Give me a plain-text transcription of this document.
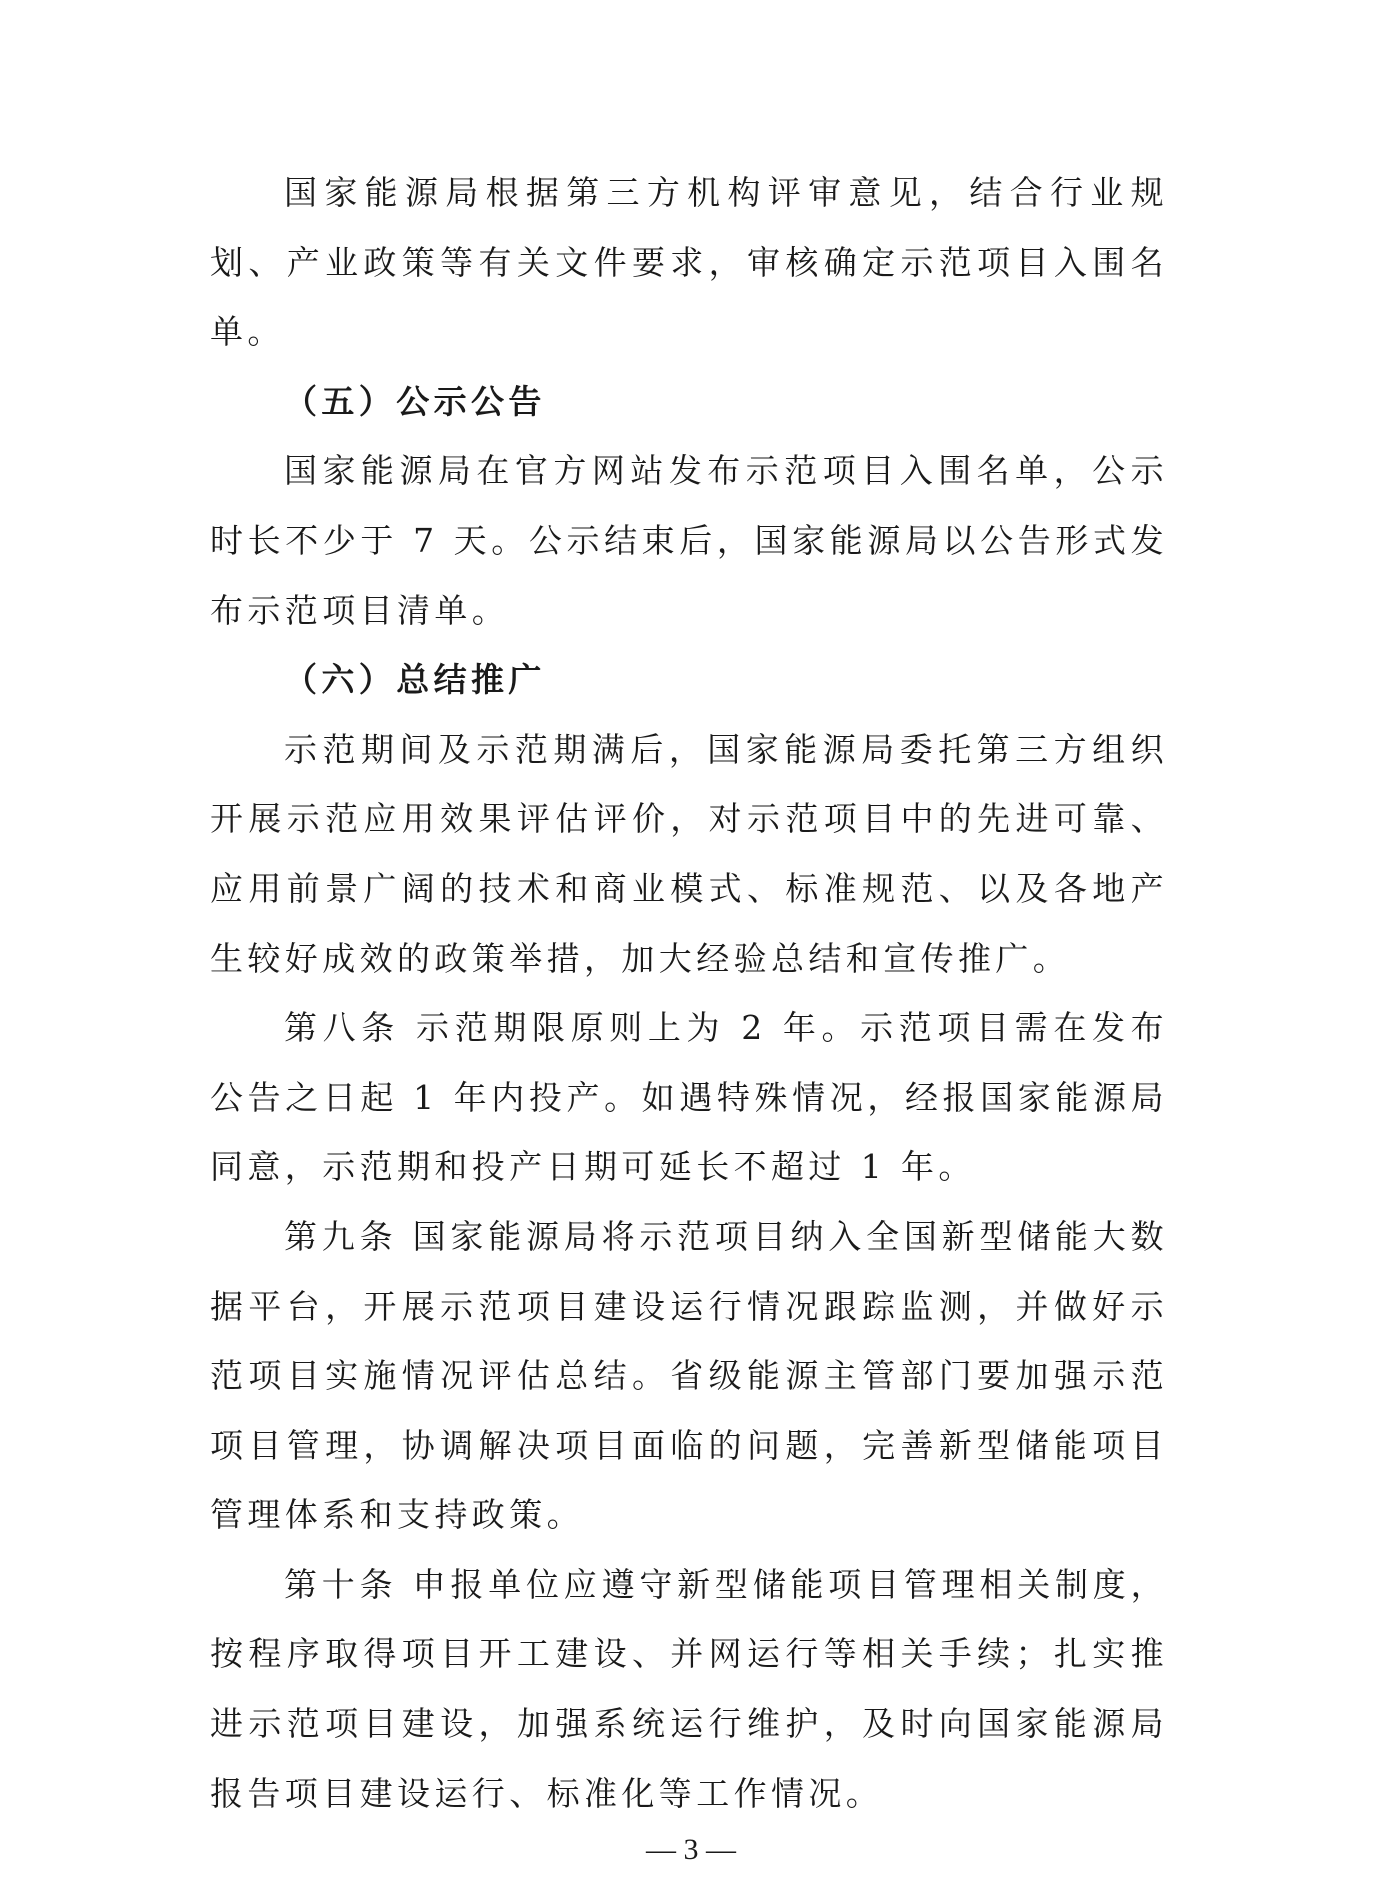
国家能源局根据第三方机构评审意见，结合行业规划、产业政策等有关文件要求，审核确定示范项目入围名单。

（五）公示公告

国家能源局在官方网站发布示范项目入围名单，公示时长不少于 7 天。公示结束后，国家能源局以公告形式发布示范项目清单。

（六）总结推广

示范期间及示范期满后，国家能源局委托第三方组织开展示范应用效果评估评价，对示范项目中的先进可靠、应用前景广阔的技术和商业模式、标准规范、以及各地产生较好成效的政策举措，加大经验总结和宣传推广。

第八条 示范期限原则上为 2 年。示范项目需在发布公告之日起 1 年内投产。如遇特殊情况，经报国家能源局同意，示范期和投产日期可延长不超过 1 年。

第九条 国家能源局将示范项目纳入全国新型储能大数据平台，开展示范项目建设运行情况跟踪监测，并做好示范项目实施情况评估总结。省级能源主管部门要加强示范项目管理，协调解决项目面临的问题，完善新型储能项目管理体系和支持政策。

第十条 申报单位应遵守新型储能项目管理相关制度，按程序取得项目开工建设、并网运行等相关手续；扎实推进示范项目建设，加强系统运行维护，及时向国家能源局报告项目建设运行、标准化等工作情况。

— 3 —
